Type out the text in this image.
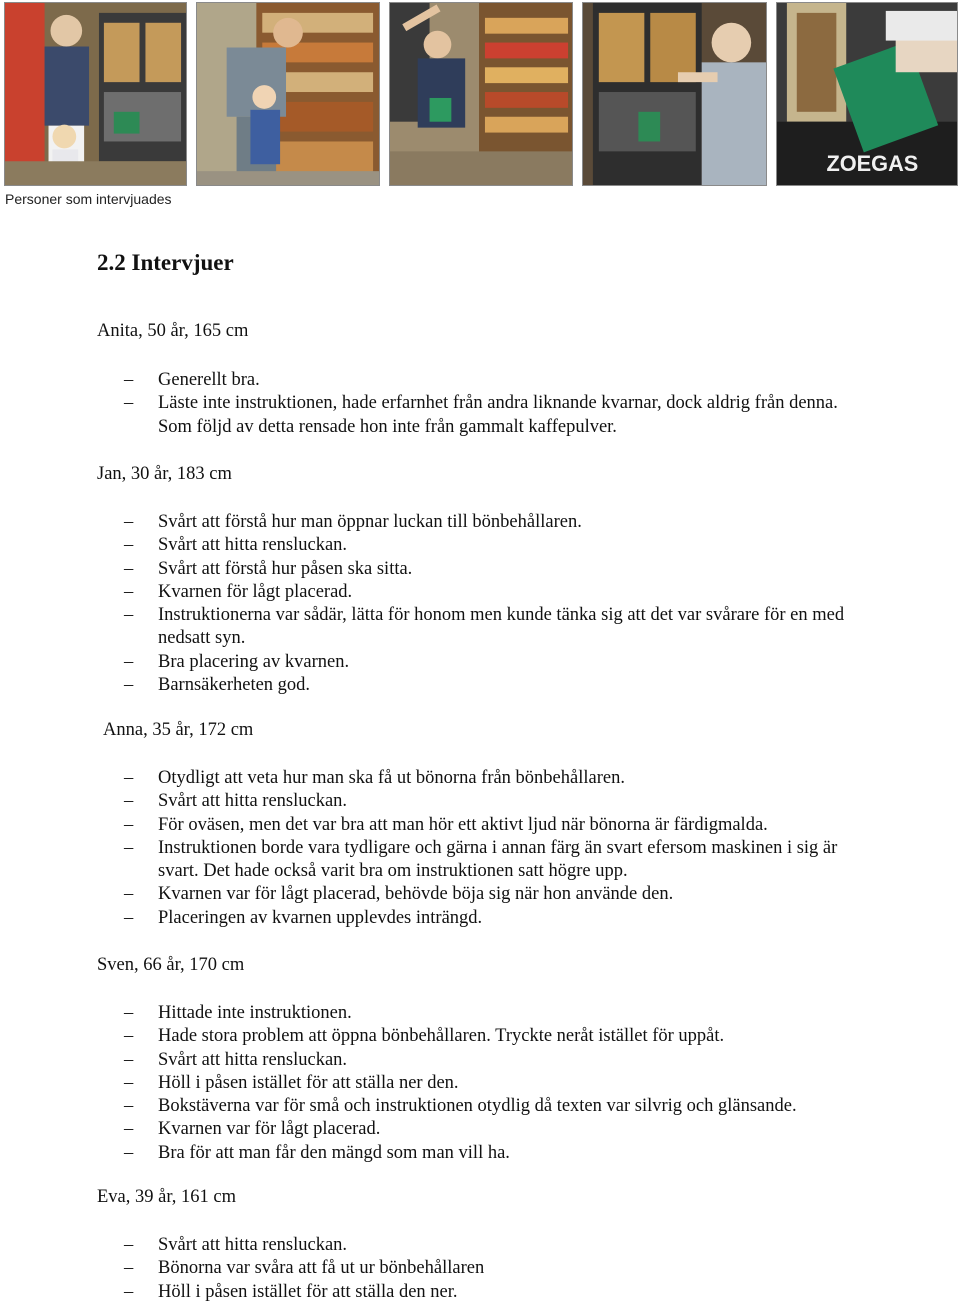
ZOEGAS
Personer som intervjuades
2.2 Intervjuer
Anita, 50 år, 165 cm
– Generellt bra.
– Läste inte instruktionen, hade erfarnhet från andra liknande kvarnar, dock aldrig från denna. Som följd av detta rensade hon inte från gammalt kaffepulver.
Jan, 30 år, 183 cm
– Svårt att förstå hur man öppnar luckan till bönbehållaren.
– Svårt att hitta rensluckan.
– Svårt att förstå hur påsen ska sitta.
– Kvarnen för lågt placerad.
– Instruktionerna var sådär, lätta för honom men kunde tänka sig att det var svårare för en med nedsatt syn.
– Bra placering av kvarnen.
– Barnsäkerheten god.
Anna, 35 år, 172 cm
– Otydligt att veta hur man ska få ut bönorna från bönbehållaren.
– Svårt att hitta rensluckan.
– För oväsen, men det var bra att man hör ett aktivt ljud när bönorna är färdigmalda.
– Instruktionen borde vara tydligare och gärna i annan färg än svart efersom maskinen i sig är svart. Det hade också varit bra om instruktionen satt högre upp.
– Kvarnen var för lågt placerad, behövde böja sig när hon använde den.
– Placeringen av kvarnen upplevdes inträngd.
Sven, 66 år, 170 cm
– Hittade inte instruktionen.
– Hade stora problem att öppna bönbehållaren. Tryckte neråt istället för uppåt.
– Svårt att hitta rensluckan.
– Höll i påsen istället för att ställa ner den.
– Bokstäverna var för små och instruktionen otydlig då texten var silvrig och glänsande.
– Kvarnen var för lågt placerad.
– Bra för att man får den mängd som man vill ha.
Eva, 39 år, 161 cm
– Svårt att hitta rensluckan.
– Bönorna var svåra att få ut ur bönbehållaren
– Höll i påsen istället för att ställa den ner.
